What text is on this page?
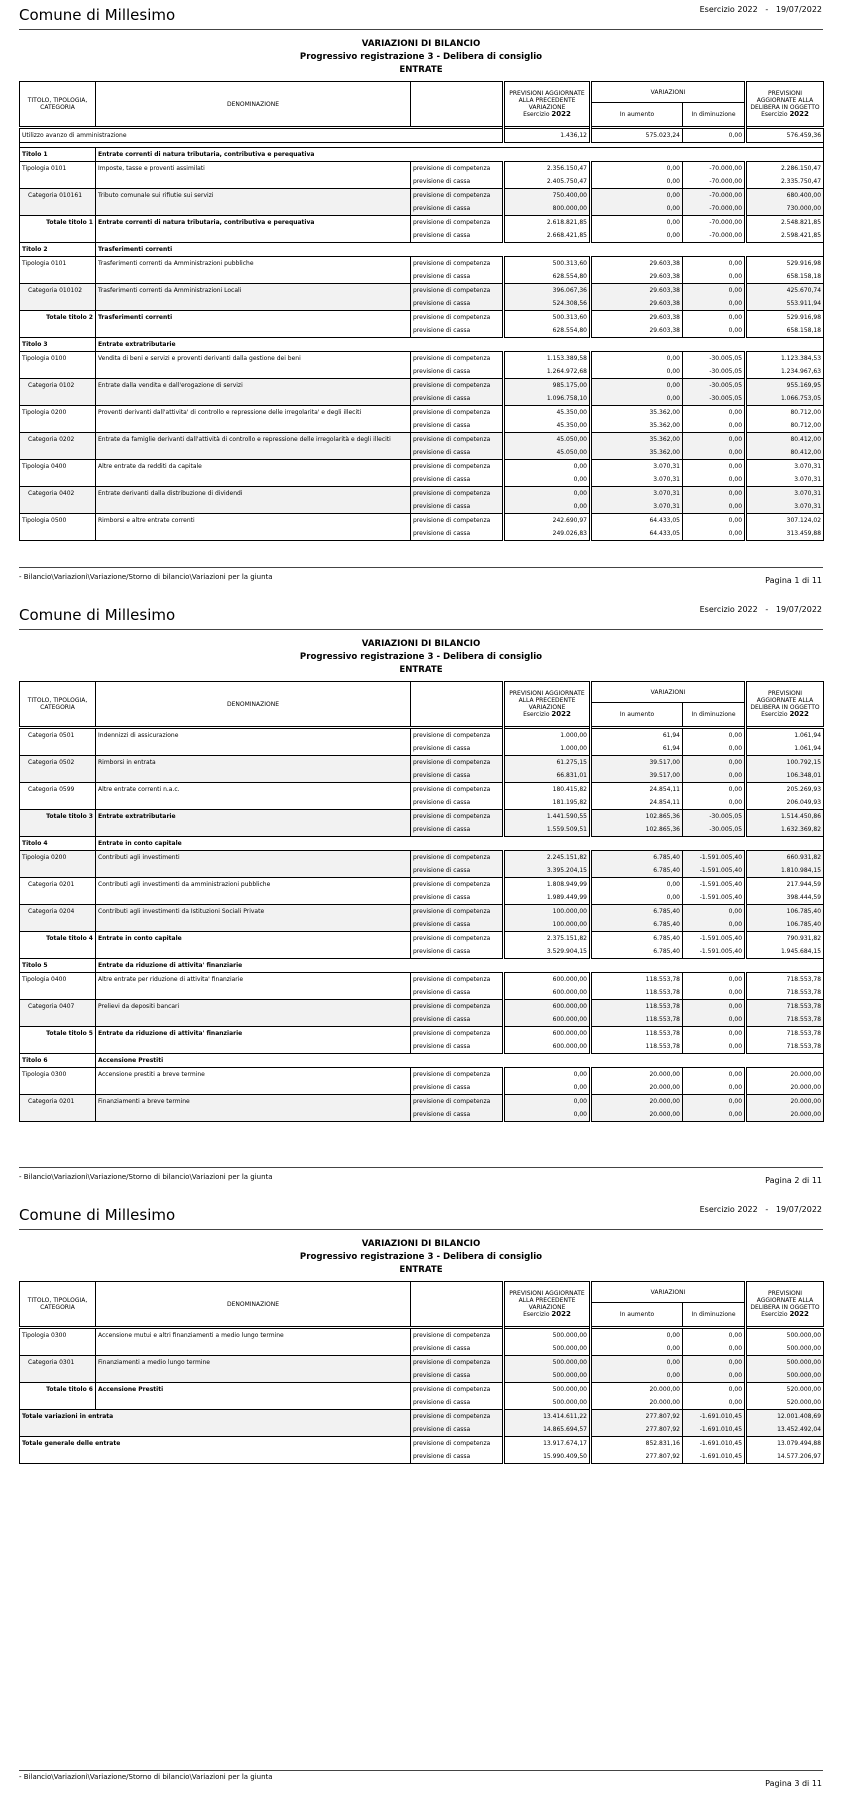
Comune di Millesimo	Esercizio 2022 - 19/07/2022
VARIAZIONI DI BILANCIO
Progressivo registrazione 3 - Delibera di consiglio
ENTRATE
TITOLO, TIPOLOGIA, CATEGORIA	DENOMINAZIONE		PREVISIONI AGGIORNATE ALLA PRECEDENTE VARIAZIONE
Esercizio 2022	VARIAZIONI		PREVISIONI AGGIORNATE ALLA DELIBERA IN OGGETTO
Esercizio 2022
				In aumento	In diminuzione	
Utilizzo avanzo di amministrazione			1.436,12	575.023,24	0,00	576.459,36

Titolo 1	Entrate correnti di natura tributaria, contributiva e perequativa					
Tipologia 0101	Imposte, tasse e proventi assimilati	previsione di competenza	2.356.150,47	0,00	-70.000,00	2.286.150,47
		previsione di cassa	2.405.750,47	0,00	-70.000,00	2.335.750,47
Categoria 010161	Tributo comunale sui rifiutie sui servizi	previsione di competenza	750.400,00	0,00	-70.000,00	680.400,00
		previsione di cassa	800.000,00	0,00	-70.000,00	730.000,00
Totale titolo 1	Entrate correnti di natura tributaria, contributiva e perequativa	previsione di competenza	2.618.821,85	0,00	-70.000,00	2.548.821,85
		previsione di cassa	2.668.421,85	0,00	-70.000,00	2.598.421,85
Titolo 2	Trasferimenti correnti					
Tipologia 0101	Trasferimenti correnti da Amministrazioni pubbliche	previsione di competenza	500.313,60	29.603,38	0,00	529.916,98
		previsione di cassa	628.554,80	29.603,38	0,00	658.158,18
Categoria 010102	Trasferimenti correnti da Amministrazioni Locali	previsione di competenza	396.067,36	29.603,38	0,00	425.670,74
		previsione di cassa	524.308,56	29.603,38	0,00	553.911,94
Totale titolo 2	Trasferimenti correnti	previsione di competenza	500.313,60	29.603,38	0,00	529.916,98
		previsione di cassa	628.554,80	29.603,38	0,00	658.158,18
Titolo 3	Entrate extratributarie					
Tipologia 0100	Vendita di beni e servizi e proventi derivanti dalla gestione dei beni	previsione di competenza	1.153.389,58	0,00	-30.005,05	1.123.384,53
		previsione di cassa	1.264.972,68	0,00	-30.005,05	1.234.967,63
Categoria 0102	Entrate dalla vendita e dall'erogazione di servizi	previsione di competenza	985.175,00	0,00	-30.005,05	955.169,95
		previsione di cassa	1.096.758,10	0,00	-30.005,05	1.066.753,05
Tipologia 0200	Proventi derivanti dall'attivita' di controllo e repressione delle irregolarita' e degli illeciti	previsione di competenza	45.350,00	35.362,00	0,00	80.712,00
		previsione di cassa	45.350,00	35.362,00	0,00	80.712,00
Categoria 0202	Entrate da famiglie derivanti dall'attività di controllo e repressione delle irregolarità e degli illeciti	previsione di competenza	45.050,00	35.362,00	0,00	80.412,00
		previsione di cassa	45.050,00	35.362,00	0,00	80.412,00
Tipologia 0400	Altre entrate da redditi da capitale	previsione di competenza	0,00	3.070,31	0,00	3.070,31
		previsione di cassa	0,00	3.070,31	0,00	3.070,31
Categoria 0402	Entrate derivanti dalla distribuzione di dividendi	previsione di competenza	0,00	3.070,31	0,00	3.070,31
		previsione di cassa	0,00	3.070,31	0,00	3.070,31
Tipologia 0500	Rimborsi e altre entrate correnti	previsione di competenza	242.690,97	64.433,05	0,00	307.124,02
		previsione di cassa	249.026,83	64.433,05	0,00	313.459,88
- Bilancio\Variazioni\Variazione/Storno di bilancio\Variazioni per la giunta	Pagina 1 di 11
Comune di Millesimo	Esercizio 2022 - 19/07/2022
VARIAZIONI DI BILANCIO
Progressivo registrazione 3 - Delibera di consiglio
ENTRATE
TITOLO, TIPOLOGIA, CATEGORIA	DENOMINAZIONE		PREVISIONI AGGIORNATE ALLA PRECEDENTE VARIAZIONE
Esercizio 2022	VARIAZIONI		PREVISIONI AGGIORNATE ALLA DELIBERA IN OGGETTO
Esercizio 2022
				In aumento	In diminuzione	
Categoria 0501	Indennizzi di assicurazione	previsione di competenza	1.000,00	61,94	0,00	1.061,94
		previsione di cassa	1.000,00	61,94	0,00	1.061,94
Categoria 0502	Rimborsi in entrata	previsione di competenza	61.275,15	39.517,00	0,00	100.792,15
		previsione di cassa	66.831,01	39.517,00	0,00	106.348,01
Categoria 0599	Altre entrate correnti n.a.c.	previsione di competenza	180.415,82	24.854,11	0,00	205.269,93
		previsione di cassa	181.195,82	24.854,11	0,00	206.049,93
Totale titolo 3	Entrate extratributarie	previsione di competenza	1.441.590,55	102.865,36	-30.005,05	1.514.450,86
		previsione di cassa	1.559.509,51	102.865,36	-30.005,05	1.632.369,82
Titolo 4	Entrate in conto capitale					
Tipologia 0200	Contributi agli investimenti	previsione di competenza	2.245.151,82	6.785,40	-1.591.005,40	660.931,82
		previsione di cassa	3.395.204,15	6.785,40	-1.591.005,40	1.810.984,15
Categoria 0201	Contributi agli investimenti da amministrazioni pubbliche	previsione di competenza	1.808.949,99	0,00	-1.591.005,40	217.944,59
		previsione di cassa	1.989.449,99	0,00	-1.591.005,40	398.444,59
Categoria 0204	Contributi agli investimenti da Istituzioni Sociali Private	previsione di competenza	100.000,00	6.785,40	0,00	106.785,40
		previsione di cassa	100.000,00	6.785,40	0,00	106.785,40
Totale titolo 4	Entrate in conto capitale	previsione di competenza	2.375.151,82	6.785,40	-1.591.005,40	790.931,82
		previsione di cassa	3.529.904,15	6.785,40	-1.591.005,40	1.945.684,15
Titolo 5	Entrate da riduzione di attivita' finanziarie					
Tipologia 0400	Altre entrate per riduzione di attivita' finanziarie	previsione di competenza	600.000,00	118.553,78	0,00	718.553,78
		previsione di cassa	600.000,00	118.553,78	0,00	718.553,78
Categoria 0407	Prelievi da depositi bancari	previsione di competenza	600.000,00	118.553,78	0,00	718.553,78
		previsione di cassa	600.000,00	118.553,78	0,00	718.553,78
Totale titolo 5	Entrate da riduzione di attivita' finanziarie	previsione di competenza	600.000,00	118.553,78	0,00	718.553,78
		previsione di cassa	600.000,00	118.553,78	0,00	718.553,78
Titolo 6	Accensione Prestiti					
Tipologia 0300	Accensione prestiti a breve termine	previsione di competenza	0,00	20.000,00	0,00	20.000,00
		previsione di cassa	0,00	20.000,00	0,00	20.000,00
Categoria 0201	Finanziamenti a breve termine	previsione di competenza	0,00	20.000,00	0,00	20.000,00
		previsione di cassa	0,00	20.000,00	0,00	20.000,00
- Bilancio\Variazioni\Variazione/Storno di bilancio\Variazioni per la giunta	Pagina 2 di 11
Comune di Millesimo	Esercizio 2022 - 19/07/2022
VARIAZIONI DI BILANCIO
Progressivo registrazione 3 - Delibera di consiglio
ENTRATE
TITOLO, TIPOLOGIA, CATEGORIA	DENOMINAZIONE		PREVISIONI AGGIORNATE ALLA PRECEDENTE VARIAZIONE
Esercizio 2022	VARIAZIONI		PREVISIONI AGGIORNATE ALLA DELIBERA IN OGGETTO
Esercizio 2022
				In aumento	In diminuzione	
Tipologia 0300	Accensione mutui e altri finanziamenti a medio lungo termine	previsione di competenza	500.000,00	0,00	0,00	500.000,00
		previsione di cassa	500.000,00	0,00	0,00	500.000,00
Categoria 0301	Finanziamenti a medio lungo termine	previsione di competenza	500.000,00	0,00	0,00	500.000,00
		previsione di cassa	500.000,00	0,00	0,00	500.000,00
Totale titolo 6	Accensione Prestiti	previsione di competenza	500.000,00	20.000,00	0,00	520.000,00
		previsione di cassa	500.000,00	20.000,00	0,00	520.000,00
Totale variazioni in entrata		previsione di competenza	13.414.611,22	277.807,92	-1.691.010,45	12.001.408,69
		previsione di cassa	14.865.694,57	277.807,92	-1.691.010,45	13.452.492,04
Totale generale delle entrate		previsione di competenza	13.917.674,17	852.831,16	-1.691.010,45	13.079.494,88
		previsione di cassa	15.990.409,50	277.807,92	-1.691.010,45	14.577.206,97
- Bilancio\Variazioni\Variazione/Storno di bilancio\Variazioni per la giunta
Pagina 3 di 11
